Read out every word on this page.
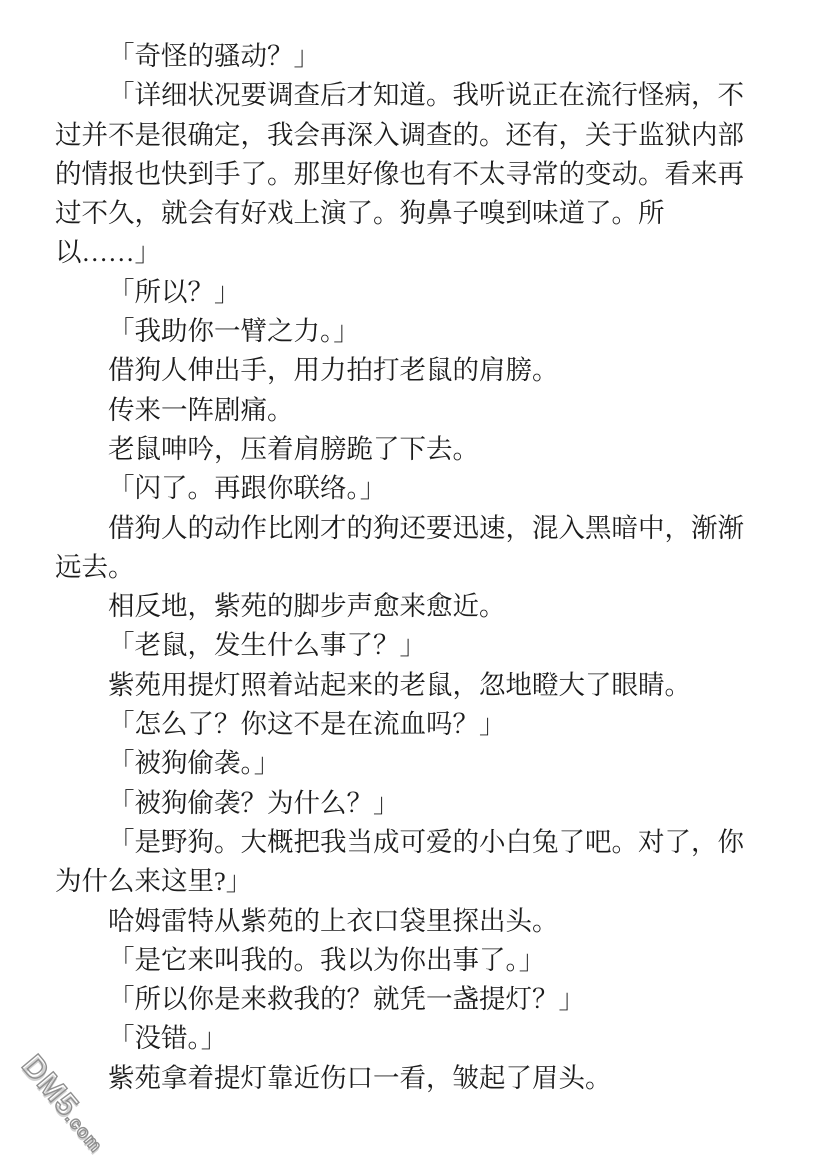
「奇怪的骚动？」
「详细状况要调查后才知道。我听说正在流行怪病，不
过并不是很确定，我会再深入调查的。还有，关于监狱内部
的情报也快到手了。那里好像也有不太寻常的变动。看来再
过不久，就会有好戏上演了。狗鼻子嗅到味道了。所
以……」
「所以？」
「我助你一臂之力。」
借狗人伸出手，用力拍打老鼠的肩膀。
传来一阵剧痛。
老鼠呻吟，压着肩膀跪了下去。
「闪了。再跟你联络。」
借狗人的动作比刚才的狗还要迅速，混入黑暗中，渐渐
远去。
相反地，紫苑的脚步声愈来愈近。
「老鼠，发生什么事了？」
紫苑用提灯照着站起来的老鼠，忽地瞪大了眼睛。
「怎么了？你这不是在流血吗？」
「被狗偷袭。」
「被狗偷袭？为什么？」
「是野狗。大概把我当成可爱的小白兔了吧。对了，你
为什么来这里?」
哈姆雷特从紫苑的上衣口袋里探出头。
「是它来叫我的。我以为你出事了。」
「所以你是来救我的？就凭一盏提灯？」
「没错。」
紫苑拿着提灯靠近伤口一看，皱起了眉头。
DM5.com
